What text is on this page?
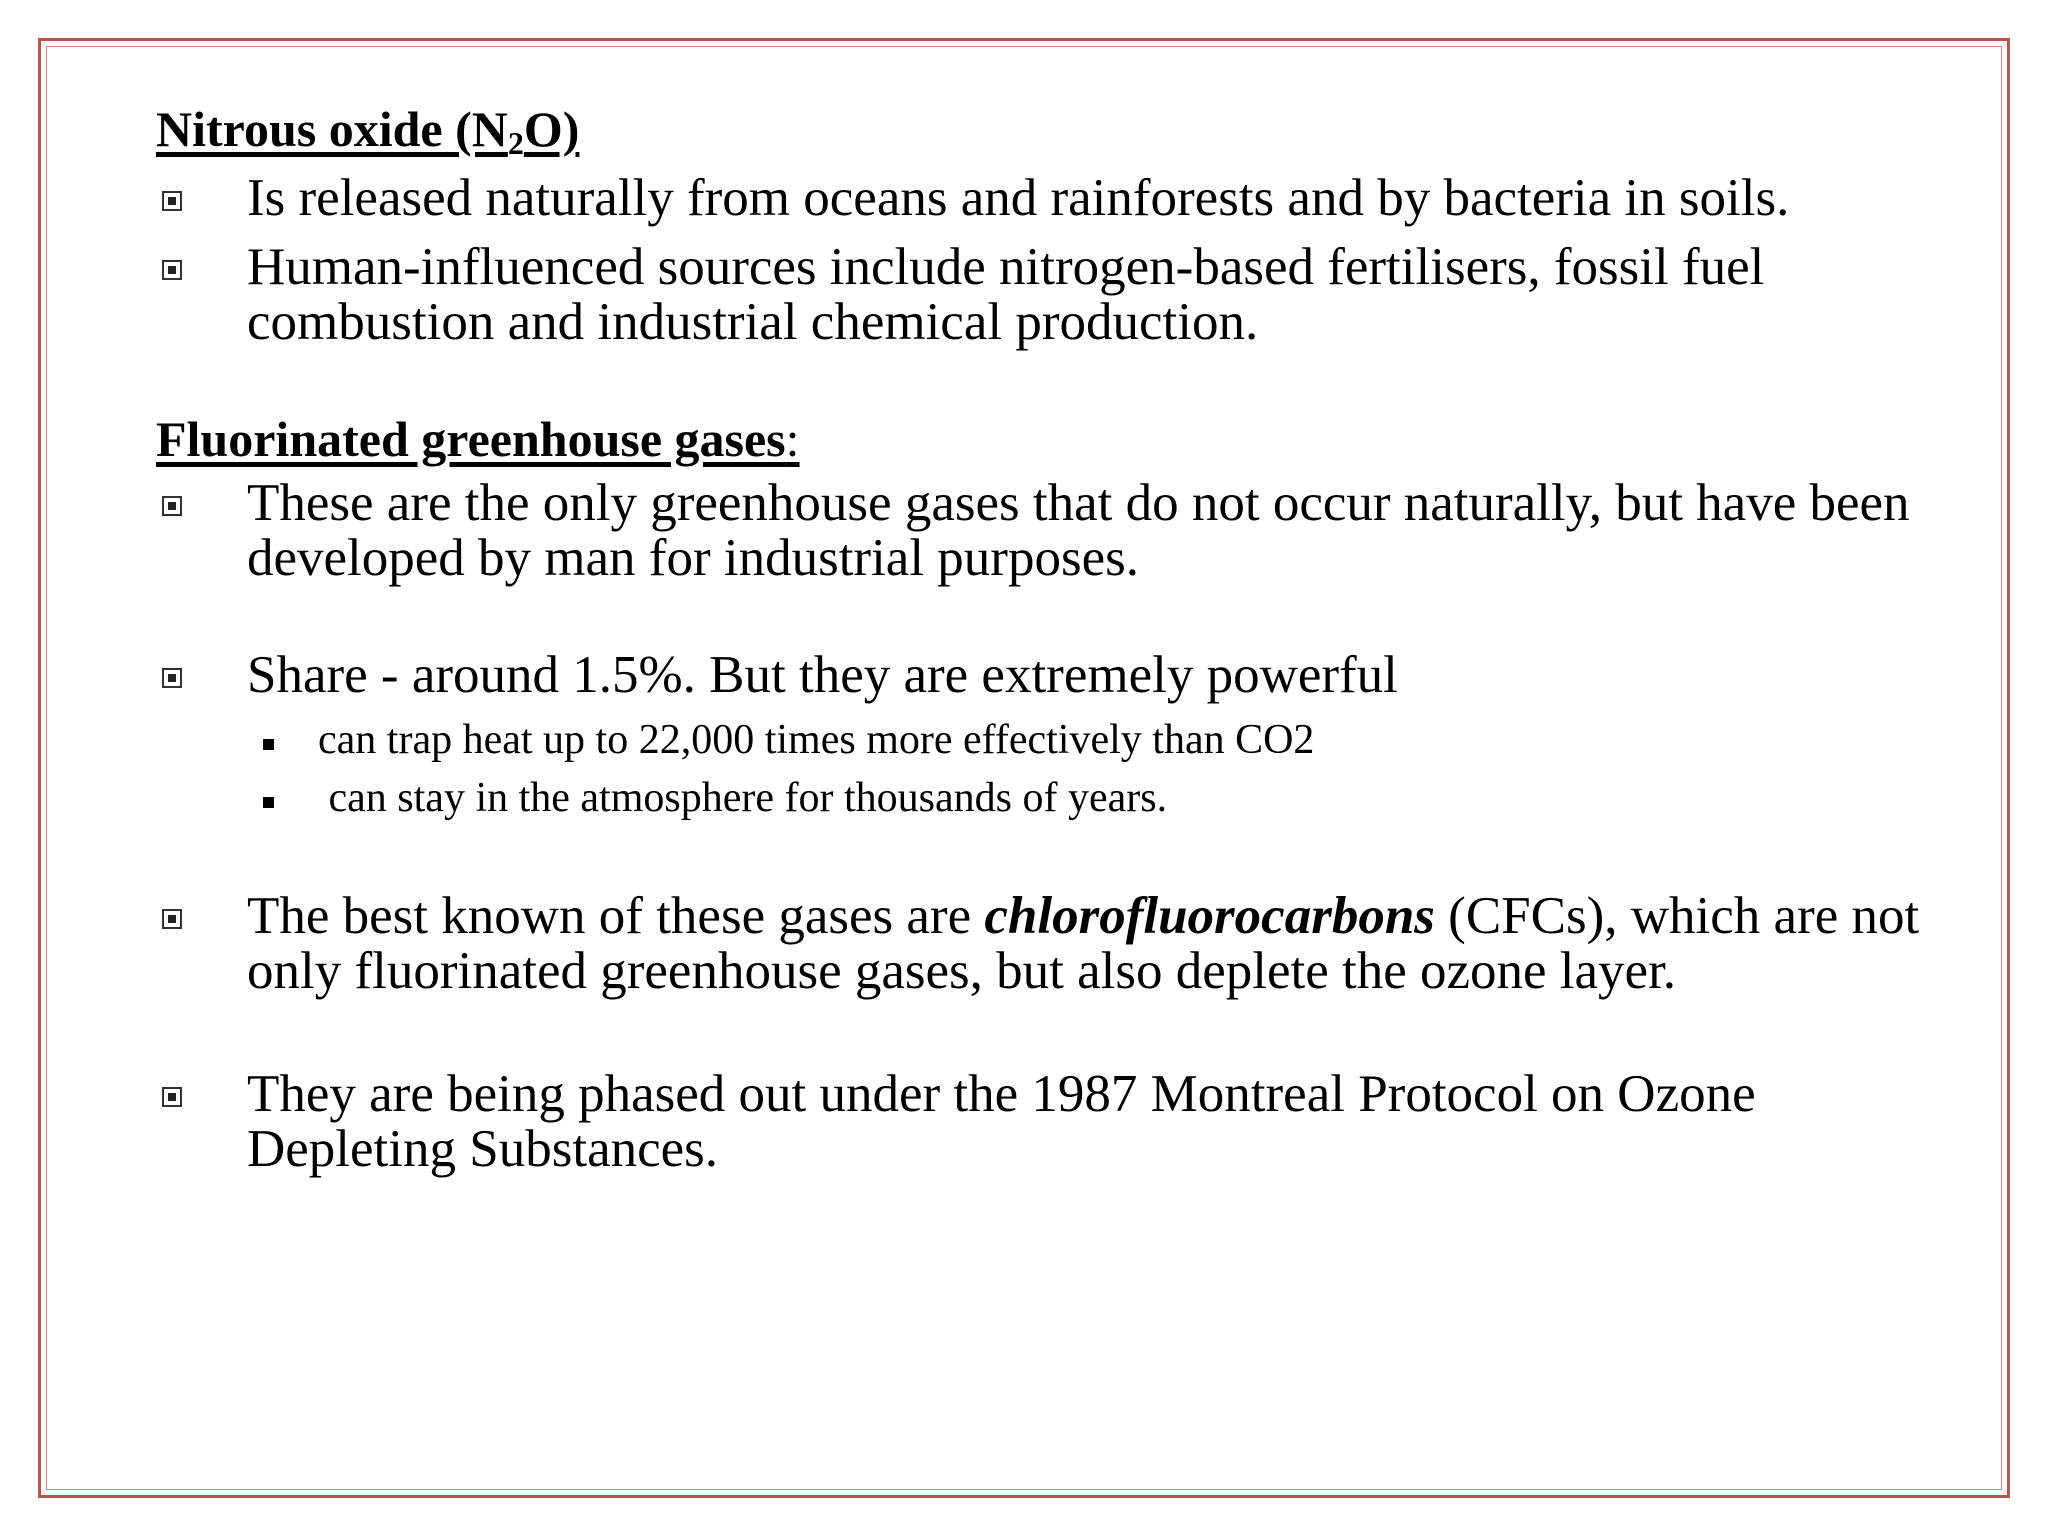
Nitrous oxide $(N_2O)$
Is released naturally from oceans and rainforests and by bacteria in soils.
Human-influenced sources include nitrogen-based fertilisers, fossil fuel combustion and industrial chemical production.
Fluorinated greenhouse gases:
These are the only greenhouse gases that do not occur naturally, but have been developed by man for industrial purposes.
Share - around 1.5%. But they are extremely powerful
can trap heat up to 22,000 times more effectively than CO2
can stay in the atmosphere for thousands of years.
The best known of these gases are chlorofluorocarbons (CFCs), which are not only fluorinated greenhouse gases, but also deplete the ozone layer.
They are being phased out under the 1987 Montreal Protocol on Ozone Depleting Substances.
